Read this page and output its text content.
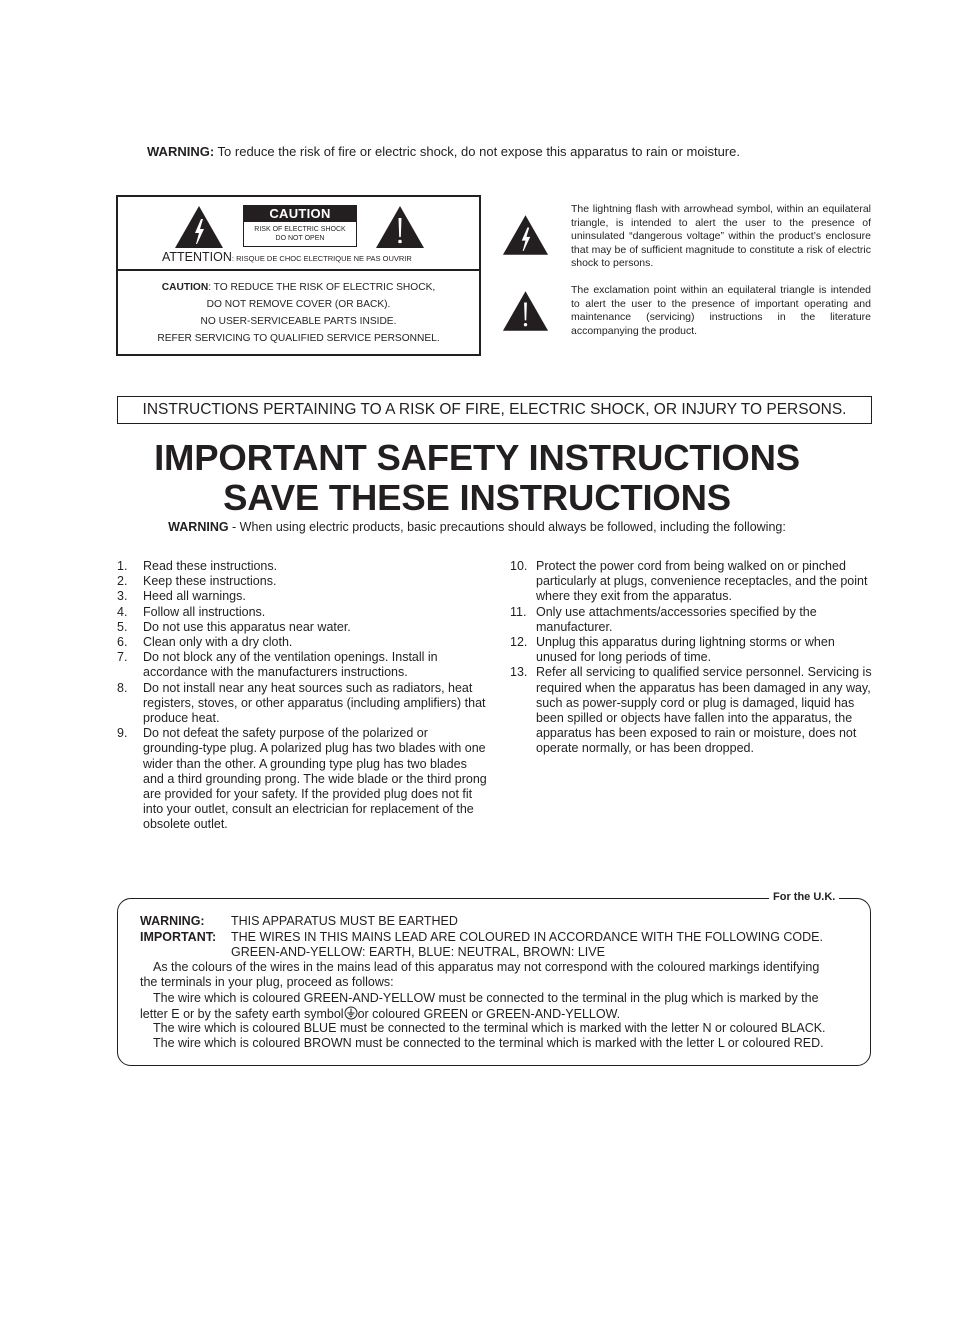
WARNING: To reduce the risk of fire or electric shock, do not expose this apparatus to rain or moisture.
CAUTION
RISK OF ELECTRIC SHOCK
DO NOT OPEN
ATTENTION: RISQUE DE CHOC ELECTRIQUE NE PAS OUVRIR
CAUTION: TO REDUCE THE RISK OF ELECTRIC SHOCK,
DO NOT REMOVE COVER (OR BACK).
NO USER-SERVICEABLE PARTS INSIDE.
REFER SERVICING TO QUALIFIED SERVICE PERSONNEL.
The lightning flash with arrowhead symbol, within an equilateral triangle, is intended to alert the user to the presence of uninsulated “dangerous voltage” within the product’s enclosure that may be of sufficient magnitude to constitute a risk of electric shock to persons.
The exclamation point within an equilateral triangle is intended to alert the user to the presence of important operating and maintenance (servicing) instructions in the literature accompanying the product.
INSTRUCTIONS PERTAINING TO A RISK OF FIRE, ELECTRIC SHOCK, OR INJURY TO PERSONS.
IMPORTANT SAFETY INSTRUCTIONS
SAVE THESE INSTRUCTIONS
WARNING - When using electric products, basic precautions should always be followed, including the following:
1. Read these instructions.
2. Keep these instructions.
3. Heed all warnings.
4. Follow all instructions.
5. Do not use this apparatus near water.
6. Clean only with a dry cloth.
7. Do not block any of the ventilation openings. Install in accordance with the manufacturers instructions.
8. Do not install near any heat sources such as radiators, heat registers, stoves, or other apparatus (including amplifiers) that produce heat.
9. Do not defeat the safety purpose of the polarized or grounding-type plug. A polarized plug has two blades with one wider than the other. A grounding type plug has two blades and a third grounding prong. The wide blade or the third prong are provided for your safety. If the provided plug does not fit into your outlet, consult an electrician for replacement of the obsolete outlet.
10. Protect the power cord from being walked on or pinched particularly at plugs, convenience receptacles, and the point where they exit from the apparatus.
11. Only use attachments/accessories specified by the manufacturer.
12. Unplug this apparatus during lightning storms or when unused for long periods of time.
13. Refer all servicing to qualified service personnel. Servicing is required when the apparatus has been damaged in any way, such as power-supply cord or plug is damaged, liquid has been spilled or objects have fallen into the apparatus, the apparatus has been exposed to rain or moisture, does not operate normally, or has been dropped.
For the U.K.
WARNING: THIS APPARATUS MUST BE EARTHED
IMPORTANT: THE WIRES IN THIS MAINS LEAD ARE COLOURED IN ACCORDANCE WITH THE FOLLOWING CODE.
GREEN-AND-YELLOW: EARTH, BLUE: NEUTRAL, BROWN: LIVE
As the colours of the wires in the mains lead of this apparatus may not correspond with the coloured markings identifying
the terminals in your plug, proceed as follows:
The wire which is coloured GREEN-AND-YELLOW must be connected to the terminal in the plug which is marked by the
letter E or by the safety earth symbol or coloured GREEN or GREEN-AND-YELLOW.
The wire which is coloured BLUE must be connected to the terminal which is marked with the letter N or coloured BLACK.
The wire which is coloured BROWN must be connected to the terminal which is marked with the letter L or coloured RED.
